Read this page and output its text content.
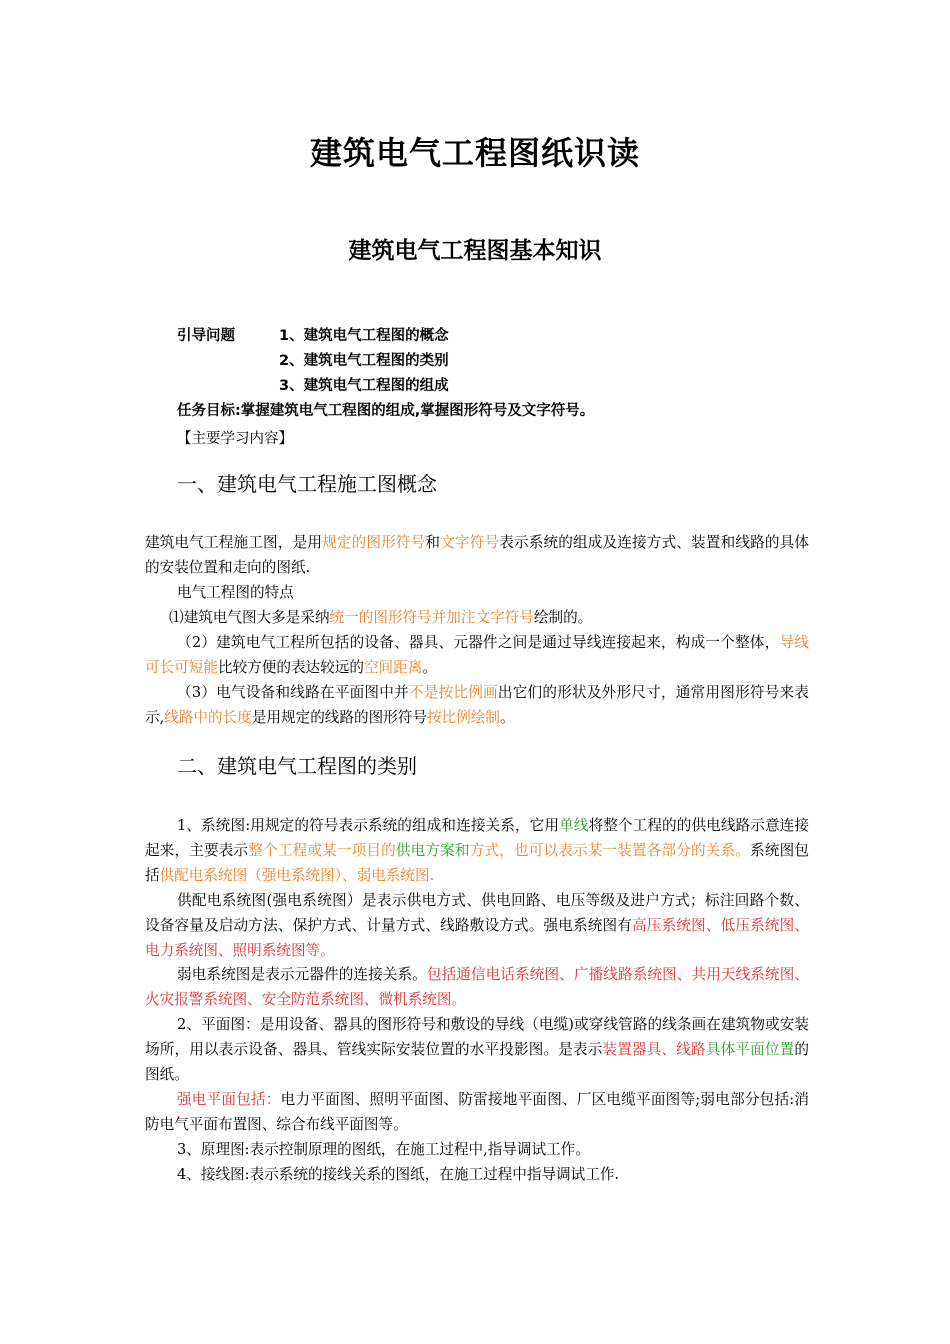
建筑电气工程图纸识读
建筑电气工程图基本知识
引导问题	1、建筑电气工程图的概念
2、建筑电气工程图的类别
3、建筑电气工程图的组成
任务目标:掌握建筑电气工程图的组成,掌握图形符号及文字符号。
【主要学习内容】
一、建筑电气工程施工图概念
建筑电气工程施工图，是用规定的图形符号和文字符号表示系统的组成及连接方式、装置和线路的具体的安装位置和走向的图纸.
电气工程图的特点
⑴建筑电气图大多是采纳统一的图形符号并加注文字符号绘制的。
（2）建筑电气工程所包括的设备、器具、元器件之间是通过导线连接起来，构成一个整体，导线可长可短能比较方便的表达较远的空间距离。
（3）电气设备和线路在平面图中并不是按比例画出它们的形状及外形尺寸，通常用图形符号来表示,线路中的长度是用规定的线路的图形符号按比例绘制。
二、建筑电气工程图的类别
1、系统图:用规定的符号表示系统的组成和连接关系，它用单线将整个工程的的供电线路示意连接起来，主要表示整个工程或某一项目的供电方案和方式，也可以表示某一装置各部分的关系。系统图包括供配电系统图（强电系统图）、弱电系统图.
供配电系统图(强电系统图）是表示供电方式、供电回路、电压等级及进户方式；标注回路个数、设备容量及启动方法、保护方式、计量方式、线路敷设方式。强电系统图有高压系统图、低压系统图、电力系统图、照明系统图等。
弱电系统图是表示元器件的连接关系。包括通信电话系统图、广播线路系统图、共用天线系统图、火灾报警系统图、安全防范系统图、微机系统图。
2、平面图：是用设备、器具的图形符号和敷设的导线（电缆)或穿线管路的线条画在建筑物或安装场所，用以表示设备、器具、管线实际安装位置的水平投影图。是表示装置器具、线路具体平面位置的图纸。
强电平面包括：电力平面图、照明平面图、防雷接地平面图、厂区电缆平面图等;弱电部分包括:消防电气平面布置图、综合布线平面图等。
3、原理图:表示控制原理的图纸，在施工过程中,指导调试工作。
4、接线图:表示系统的接线关系的图纸，在施工过程中指导调试工作.
